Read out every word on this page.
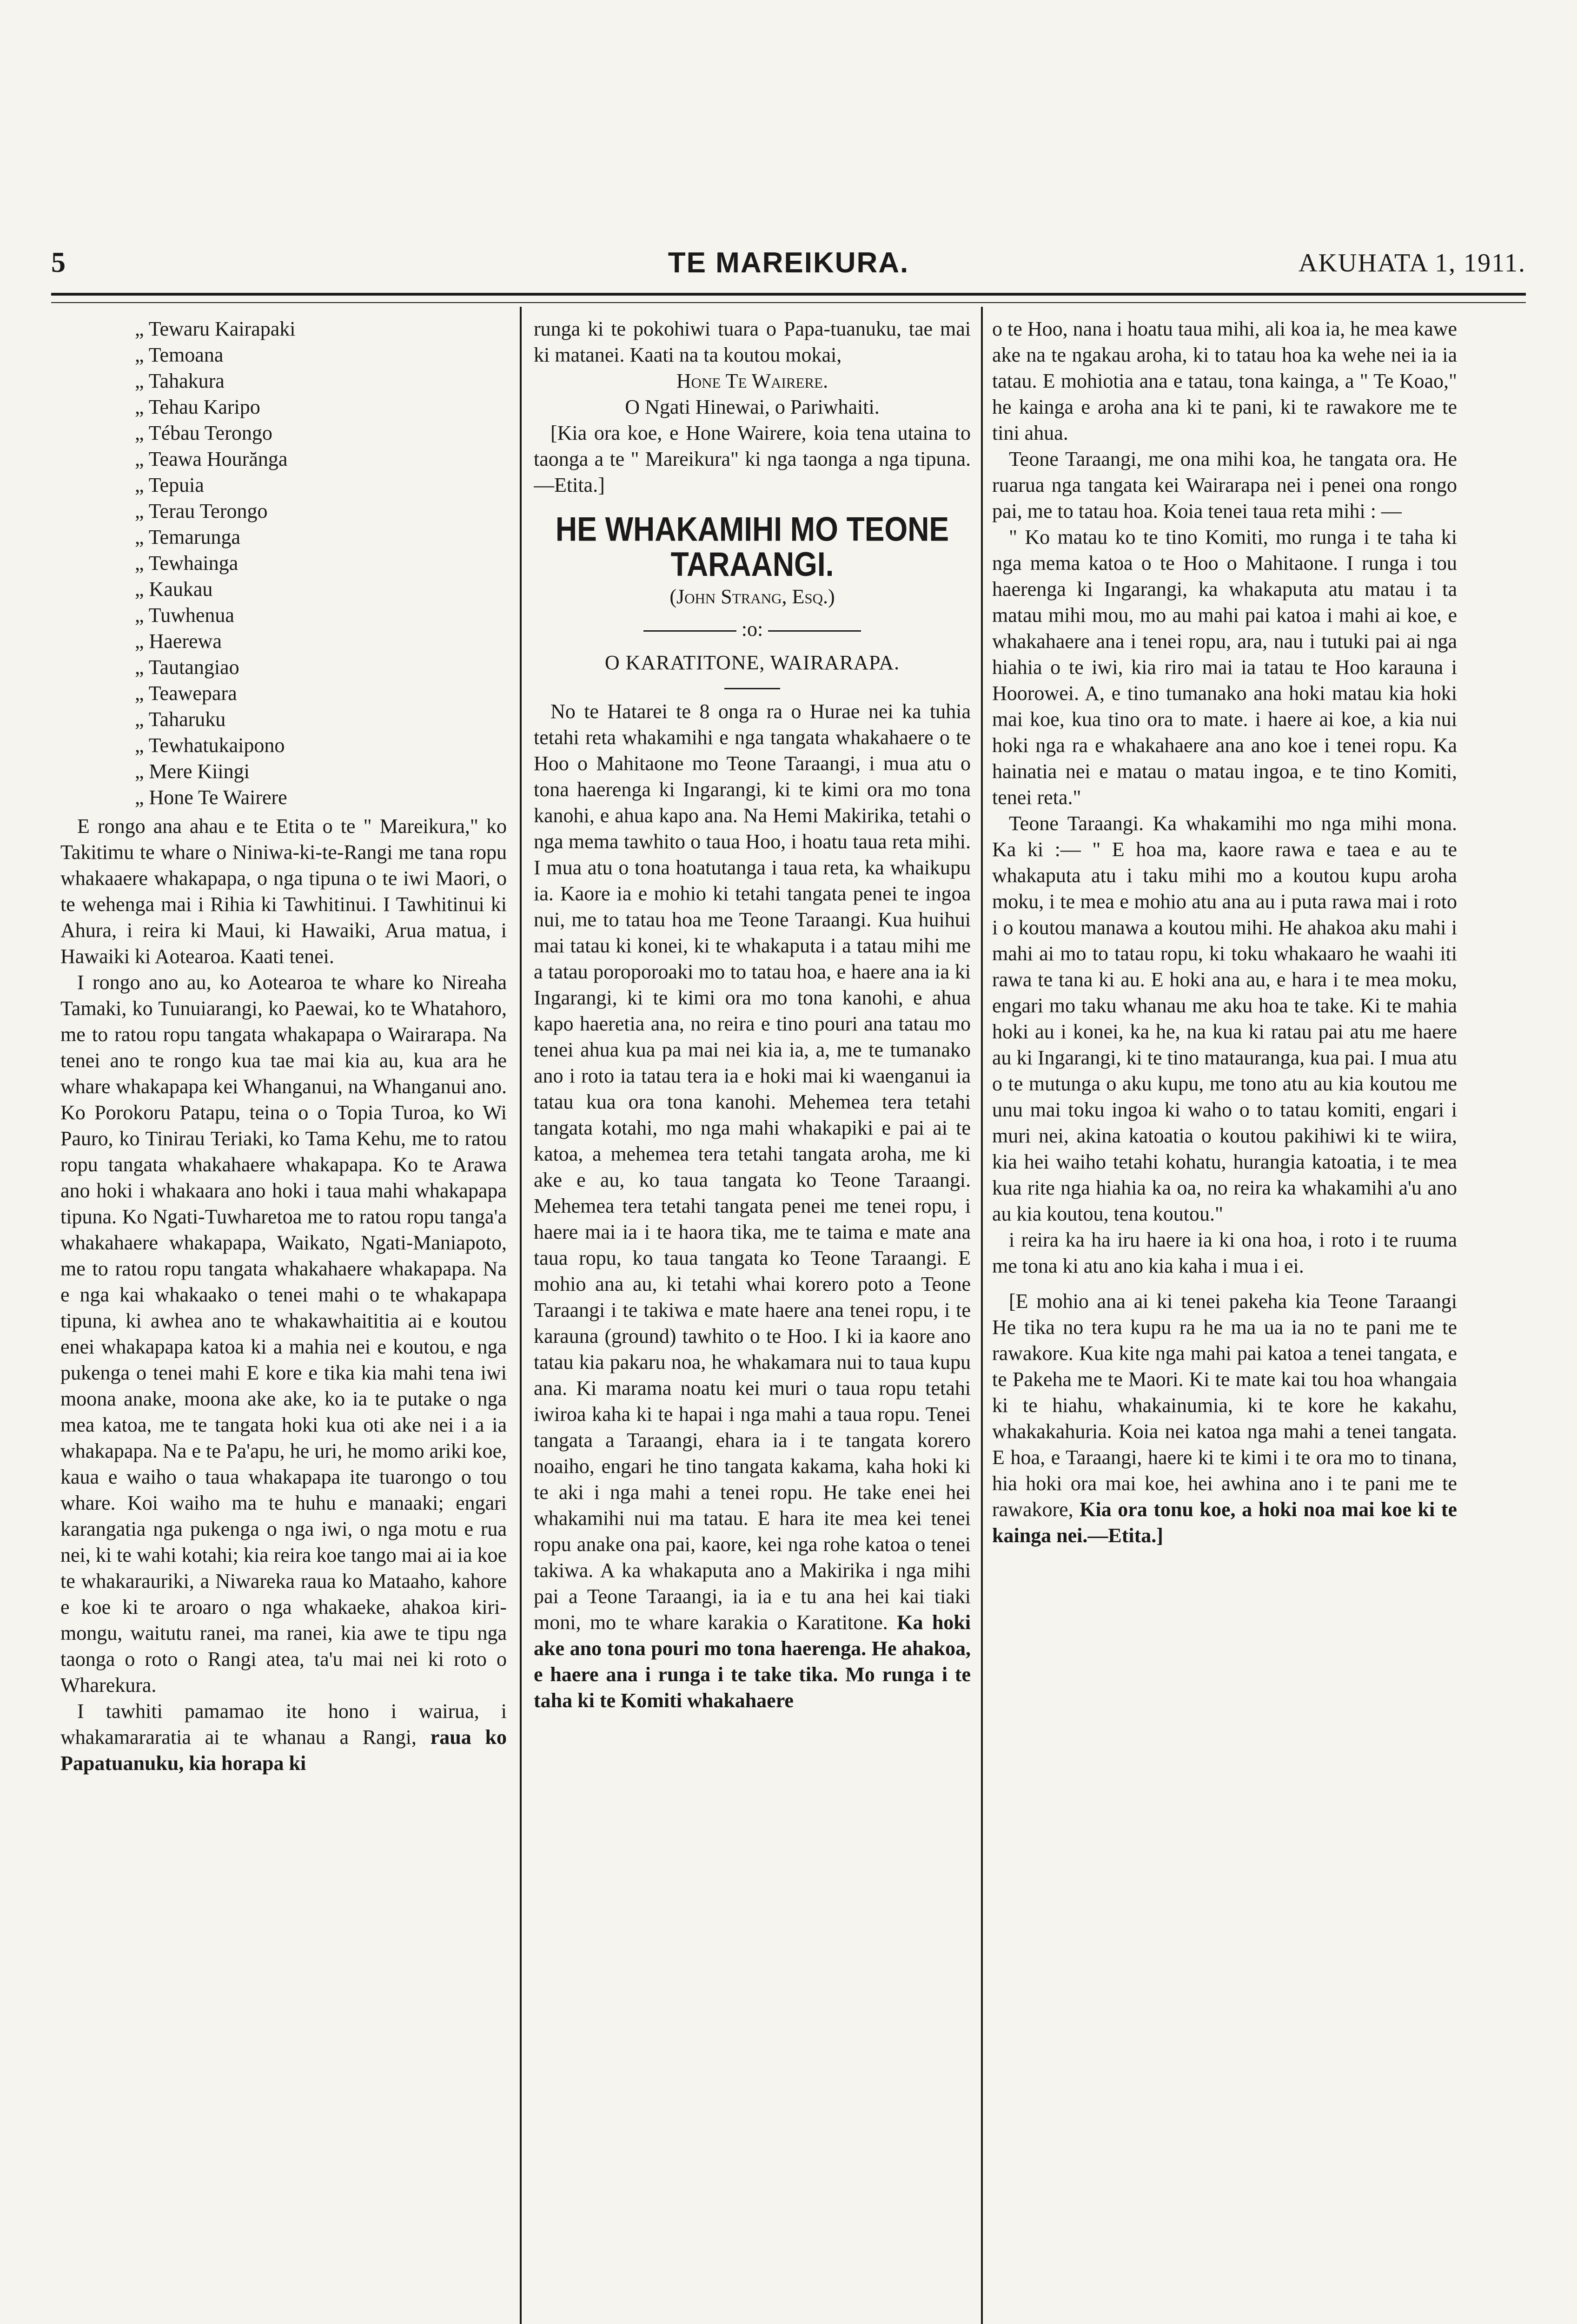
5	TE MAREIKURA.	AKUHATA 1, 1911.
„ Tewaru Kairapaki
„ Temoana
„ Tahakura
„ Tehau Karipo
„ Tébau Terongo
„ Teawa Hourănga
„ Tepuia
„ Terau Terongo
„ Temarunga
„ Tewhainga
„ Kaukau
„ Tuwhenua
„ Haerewa
„ Tautangiao
„ Teawepara
„ Taharuku
„ Tewhatukaipono
„ Mere Kiingi
„ Hone Te Wairere

E rongo ana ahau e te Etita o te " Mareikura," ko Takitimu te whare o Niniwa-ki-te-Rangi me tana ropu whakaaere whakapapa, o nga tipuna o te iwi Maori, o te wehenga mai i Rihia ki Tawhitinui. I Tawhitinui ki Ahura, i reira ki Maui, ki Hawaiki, Arua matua, i Hawaiki ki Aotearoa. Kaati tenei.

I rongo ano au, ko Aotearoa te whare ko Nireaha Tamaki, ko Tunuiarangi, ko Paewai, ko te Whatahoro, me to ratou ropu tangata whakapapa o Wairarapa. Na tenei ano te rongo kua tae mai kia au, kua ara he whare whakapapa kei Whanganui, na Whanganui ano. Ko Porokoru Patapu, teina o o Topia Turoa, ko Wi Pauro, ko Tinirau Teriaki, ko Tama Kehu, me to ratou ropu tangata whakahaere whakapapa. Ko te Arawa ano hoki i whakaara ano hoki i taua mahi whakapapa tipuna. Ko Ngati-Tuwharetoa me to ratou ropu tanga'a whakahaere whakapapa, Waikato, Ngati-Maniapoto, me to ratou ropu tangata whakahaere whakapapa. Na e nga kai whakaako o tenei mahi o te whakapapa tipuna, ki awhea ano te whakawhaititia ai e koutou enei whakapapa katoa ki a mahia nei e koutou, e nga pukenga o tenei mahi E kore e tika kia mahi tena iwi moona anake, moona ake ake, ko ia te putake o nga mea katoa, me te tangata hoki kua oti ake nei i a ia whakapapa. Na e te Pa'apu, he uri, he momo ariki koe, kaua e waiho o taua whakapapa ite tuarongo o tou whare. Koi waiho ma te huhu e manaaki; engari karangatia nga pukenga o nga iwi, o nga motu e rua nei, ki te wahi kotahi; kia reira koe tango mai ai ia koe te whakarauriki, a Niwareka raua ko Mataaho, kahore e koe ki te aroaro o nga whakaeke, ahakoa kiri-mongu, waitutu ranei, ma ranei, kia awe te tipu nga taonga o roto o Rangi atea, ta'u mai nei ki roto o Wharekura.

I tawhiti pamamao ite hono i wairua, i whakamararatia ai te whanau a Rangi, raua ko Papatuanuku, kia horapa ki

runga ki te pokohiwi tuara o Papa-tuanuku, tae mai ki matanei. Kaati na ta koutou mokai,

Hone Te Wairere.

O Ngati Hinewai, o Pariwhaiti.

[Kia ora koe, e Hone Wairere, koia tena utaina to taonga a te " Mareikura" ki nga taonga a nga tipuna.—Etita.]

HE WHAKAMIHI MO TEONE TARAANGI.
(John Strang, Esq.)
:o:
O KARATITONE, WAIRARAPA.

No te Hatarei te 8 onga ra o Hurae nei ka tuhia tetahi reta whakamihi e nga tangata whakahaere o te Hoo o Mahitaone mo Teone Taraangi, i mua atu o tona haerenga ki Ingarangi, ki te kimi ora mo tona kanohi, e ahua kapo ana. Na Hemi Makirika, tetahi o nga mema tawhito o taua Hoo, i hoatu taua reta mihi. I mua atu o tona hoatutanga i taua reta, ka whaikupu ia. Kaore ia e mohio ki tetahi tangata penei te ingoa nui, me to tatau hoa me Teone Taraangi. Kua huihui mai tatau ki konei, ki te whakaputa i a tatau mihi me a tatau poroporoaki mo to tatau hoa, e haere ana ia ki Ingarangi, ki te kimi ora mo tona kanohi, e ahua kapo haeretia ana, no reira e tino pouri ana tatau mo tenei ahua kua pa mai nei kia ia, a, me te tumanako ano i roto ia tatau tera ia e hoki mai ki waenganui ia tatau kua ora tona kanohi. Mehemea tera tetahi tangata kotahi, mo nga mahi whakapiki e pai ai te katoa, a mehemea tera tetahi tangata aroha, me ki ake e au, ko taua tangata ko Teone Taraangi. Mehemea tera tetahi tangata penei me tenei ropu, i haere mai ia i te haora tika, me te taima e mate ana taua ropu, ko taua tangata ko Teone Taraangi. E mohio ana au, ki tetahi whai korero poto a Teone Taraangi i te takiwa e mate haere ana tenei ropu, i te karauna (ground) tawhito o te Hoo. I ki ia kaore ano tatau kia pakaru noa, he whakamara nui to taua kupu ana. Ki marama noatu kei muri o taua ropu tetahi iwiroa kaha ki te hapai i nga mahi a taua ropu. Tenei tangata a Taraangi, ehara ia i te tangata korero noaiho, engari he tino tangata kakama, kaha hoki ki te aki i nga mahi a tenei ropu. He take enei hei whakamihi nui ma tatau. E hara ite mea kei tenei ropu anake ona pai, kaore, kei nga rohe katoa o tenei takiwa. A ka whakaputa ano a Makirika i nga mihi pai a Teone Taraangi, ia ia e tu ana hei kai tiaki moni, mo te whare karakia o Karatitone. Ka hoki ake ano tona pouri mo tona haerenga. He ahakoa, e haere ana i runga i te take tika. Mo runga i te taha ki te Komiti whakahaere

o te Hoo, nana i hoatu taua mihi, ali koa ia, he mea kawe ake na te ngakau aroha, ki to tatau hoa ka wehe nei ia ia tatau. E mohiotia ana e tatau, tona kainga, a " Te Koao," he kainga e aroha ana ki te pani, ki te rawakore me te tini ahua.

Teone Taraangi, me ona mihi koa, he tangata ora. He ruarua nga tangata kei Wairarapa nei i penei ona rongo pai, me to tatau hoa. Koia tenei taua reta mihi : —

" Ko matau ko te tino Komiti, mo runga i te taha ki nga mema katoa o te Hoo o Mahitaone. I runga i tou haerenga ki Ingarangi, ka whakaputa atu matau i ta matau mihi mou, mo au mahi pai katoa i mahi ai koe, e whakahaere ana i tenei ropu, ara, nau i tutuki pai ai nga hiahia o te iwi, kia riro mai ia tatau te Hoo karauna i Hoorowei. A, e tino tumanako ana hoki matau kia hoki mai koe, kua tino ora to mate. i haere ai koe, a kia nui hoki nga ra e whakahaere ana ano koe i tenei ropu. Ka hainatia nei e matau o matau ingoa, e te tino Komiti, tenei reta."

Teone Taraangi. Ka whakamihi mo nga mihi mona. Ka ki :— " E hoa ma, kaore rawa e taea e au te whakaputa atu i taku mihi mo a koutou kupu aroha moku, i te mea e mohio atu ana au i puta rawa mai i roto i o koutou manawa a koutou mihi. He ahakoa aku mahi i mahi ai mo to tatau ropu, ki toku whakaaro he waahi iti rawa te tana ki au. E hoki ana au, e hara i te mea moku, engari mo taku whanau me aku hoa te take. Ki te mahia hoki au i konei, ka he, na kua ki ratau pai atu me haere au ki Ingarangi, ki te tino matauranga, kua pai. I mua atu o te mutunga o aku kupu, me tono atu au kia koutou me unu mai toku ingoa ki waho o to tatau komiti, engari i muri nei, akina katoatia o koutou pakihiwi ki te wiira, kia hei waiho tetahi kohatu, hurangia katoatia, i te mea kua rite nga hiahia ka oa, no reira ka whakamihi a'u ano au kia koutou, tena koutou."

i reira ka ha iru haere ia ki ona hoa, i roto i te ruuma me tona ki atu ano kia kaha i mua i ei.

[E mohio ana ai ki tenei pakeha kia Teone Taraangi He tika no tera kupu ra he ma ua ia no te pani me te rawakore. Kua kite nga mahi pai katoa a tenei tangata, e te Pakeha me te Maori. Ki te mate kai tou hoa whangaia ki te hiahu, whakainumia, ki te kore he kakahu, whakakahuria. Koia nei katoa nga mahi a tenei tangata. E hoa, e Taraangi, haere ki te kimi i te ora mo to tinana, hia hoki ora mai koe, hei awhina ano i te pani me te rawakore, Kia ora tonu koe, a hoki noa mai koe ki te kainga nei.—Etita.]
